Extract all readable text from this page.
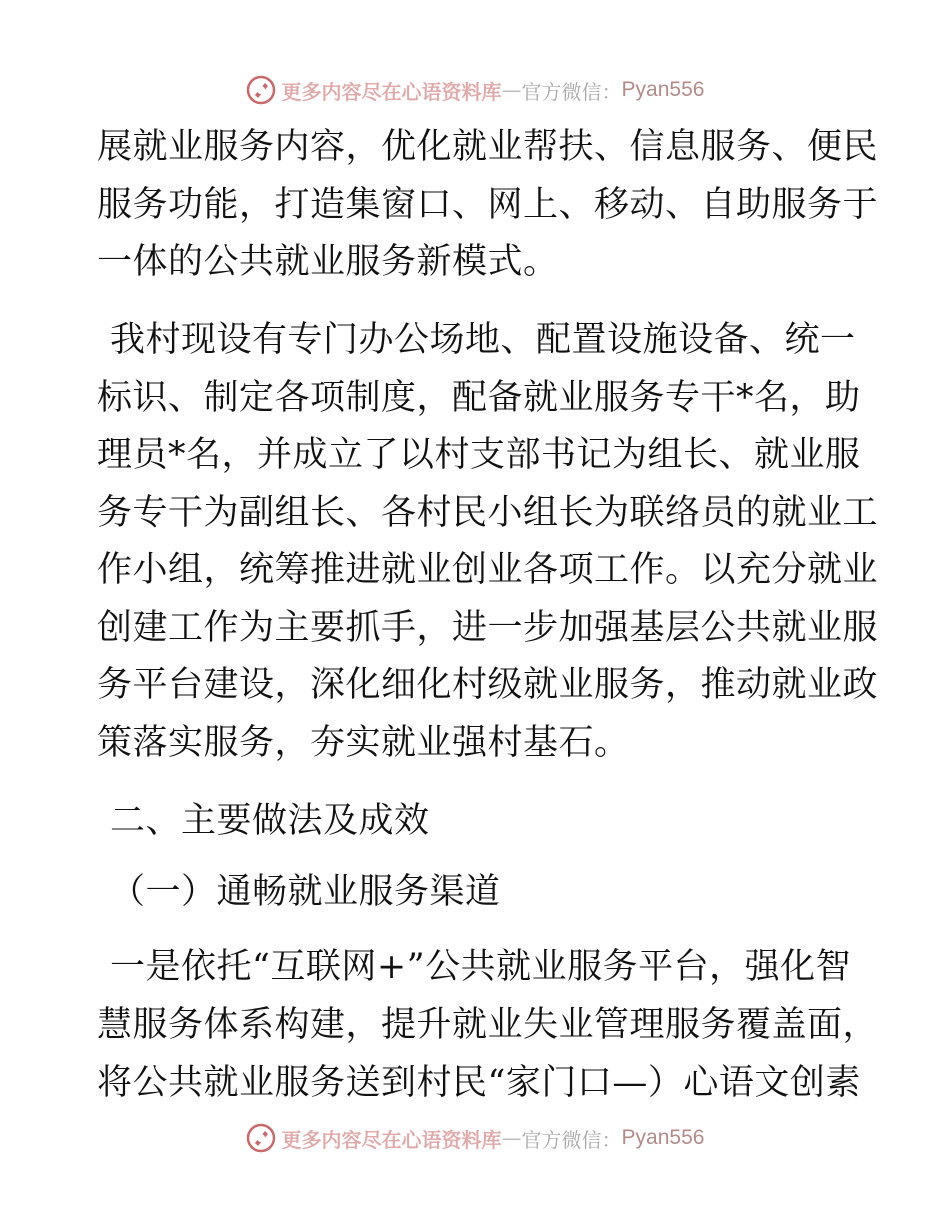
更多内容尽在心语资料库 — 官方微信： Pyan556
展就业服务内容，优化就业帮扶、信息服务、便民
服务功能，打造集窗口、网上、移动、自助服务于
一体的公共就业服务新模式。
我村现设有专门办公场地、配置设施设备、统一
标识、制定各项制度，配备就业服务专干*名，助
理员*名，并成立了以村支部书记为组长、就业服
务专干为副组长、各村民小组长为联络员的就业工
作小组，统筹推进就业创业各项工作。以充分就业
创建工作为主要抓手，进一步加强基层公共就业服
务平台建设，深化细化村级就业服务，推动就业政
策落实服务，夯实就业强村基石。
二、主要做法及成效
（一）通畅就业服务渠道
一是依托“互联网+”公共就业服务平台，强化智
慧服务体系构建，提升就业失业管理服务覆盖面，
将公共就业服务送到村民“家门口—）心语文创素
更多内容尽在心语资料库 — 官方微信： Pyan556
